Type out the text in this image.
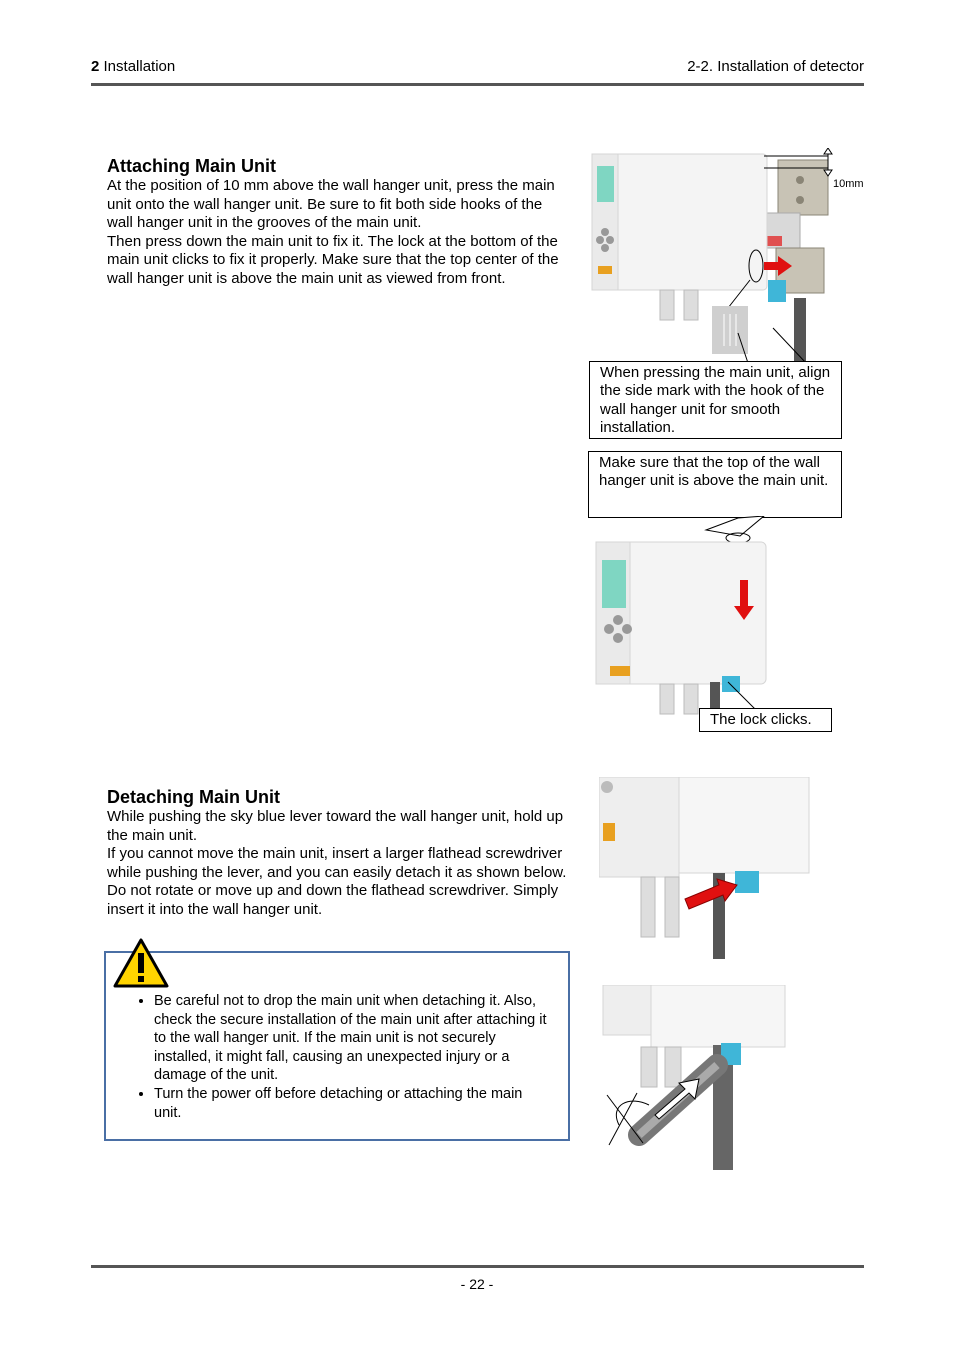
2 Installation	2-2. Installation of detector
Attaching Main Unit
At the position of 10 mm above the wall hanger unit, press the main unit onto the wall hanger unit. Be sure to fit both side hooks of the wall hanger unit in the grooves of the main unit.
Then press down the main unit to fix it. The lock at the bottom of the main unit clicks to fix it properly. Make sure that the top center of the wall hanger unit is above the main unit as viewed from front.
10mm
When pressing the main unit, align the side mark with the hook of the wall hanger unit for smooth installation.
Make sure that the top of the wall hanger unit is above the main unit.
The lock clicks.
Detaching Main Unit
While pushing the sky blue lever toward the wall hanger unit, hold up the main unit.
If you cannot move the main unit, insert a larger flathead screwdriver while pushing the lever, and you can easily detach it as shown below. Do not rotate or move up and down the flathead screwdriver. Simply insert it into the wall hanger unit.
• Be careful not to drop the main unit when detaching it. Also, check the secure installation of the main unit after attaching it to the wall hanger unit. If the main unit is not securely installed, it might fall, causing an unexpected injury or a damage of the unit.
• Turn the power off before detaching or attaching the main unit.
- 22 -
